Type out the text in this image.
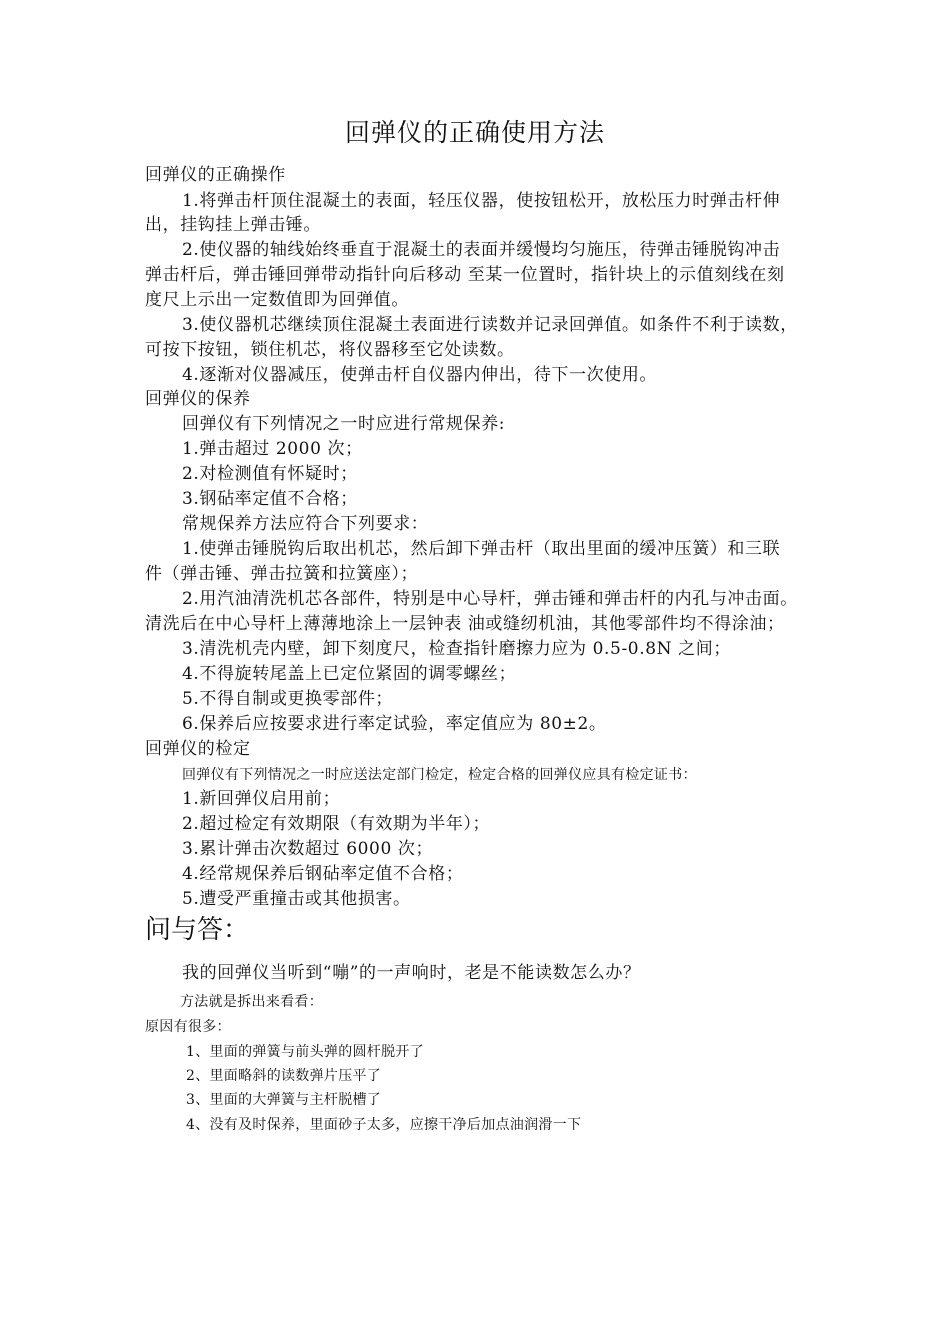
回弹仪的正确使用方法
回弹仪的正确操作
1.将弹击杆顶住混凝土的表面，轻压仪器，使按钮松开，放松压力时弹击杆伸
出，挂钩挂上弹击锤。
2.使仪器的轴线始终垂直于混凝土的表面并缓慢均匀施压，待弹击锤脱钩冲击
弹击杆后，弹击锤回弹带动指针向后移动 至某一位置时，指针块上的示值刻线在刻
度尺上示出一定数值即为回弹值。
3.使仪器机芯继续顶住混凝土表面进行读数并记录回弹值。如条件不利于读数，
可按下按钮，锁住机芯，将仪器移至它处读数。
4.逐渐对仪器减压，使弹击杆自仪器内伸出，待下一次使用。
回弹仪的保养
回弹仪有下列情况之一时应进行常规保养:
1.弹击超过 2000 次；
2.对检测值有怀疑时；
3.钢砧率定值不合格；
常规保养方法应符合下列要求：
1.使弹击锤脱钩后取出机芯，然后卸下弹击杆（取出里面的缓冲压簧）和三联
件（弹击锤、弹击拉簧和拉簧座）；
2.用汽油清洗机芯各部件，特别是中心导杆，弹击锤和弹击杆的内孔与冲击面。
清洗后在中心导杆上薄薄地涂上一层钟表 油或缝纫机油，其他零部件均不得涂油；
3.清洗机壳内壁，卸下刻度尺，检查指针磨擦力应为 0.5-0.8N 之间；
4.不得旋转尾盖上已定位紧固的调零螺丝；
5.不得自制或更换零部件；
6.保养后应按要求进行率定试验，率定值应为 80±2。
回弹仪的检定
回弹仪有下列情况之一时应送法定部门检定，检定合格的回弹仪应具有检定证书：
1.新回弹仪启用前；
2.超过检定有效期限（有效期为半年）；
3.累计弹击次数超过 6000 次；
4.经常规保养后钢砧率定值不合格；
5.遭受严重撞击或其他损害。
问与答：
我的回弹仪当听到“嘣”的一声响时，老是不能读数怎么办？
方法就是拆出来看看：
原因有很多：
1、里面的弹簧与前头弹的圆杆脱开了
2、里面略斜的读数弹片压平了
3、里面的大弹簧与主杆脱槽了
4、没有及时保养，里面砂子太多，应擦干净后加点油润滑一下
